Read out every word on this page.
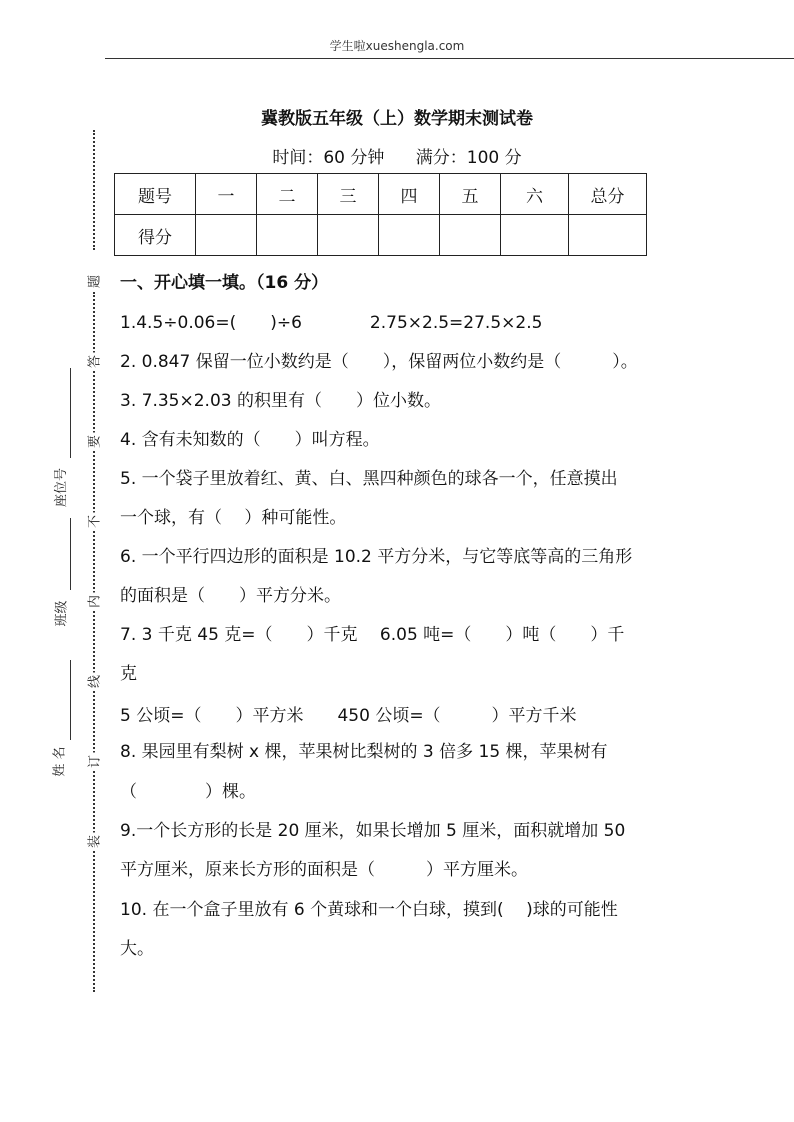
学生啦xueshengla.com
题
答
要
不
内
线
订
装
座位号
班级
姓 名
冀教版五年级（上）数学期末测试卷
时间：60 分钟 满分：100 分
题号	一	二	三	四	五	六	总分
得分							
一、开心填一填。（16 分）
1.4.5÷0.06=(　　)÷6　　　　2.75×2.5=27.5×2.5
2. 0.847 保留一位小数约是（　　），保留两位小数约是（　　　）。
3. 7.35×2.03 的积里有（　　）位小数。
4. 含有未知数的（　　）叫方程。
5. 一个袋子里放着红、黄、白、黑四种颜色的球各一个，任意摸出
一个球，有（　 ）种可能性。
6. 一个平行四边形的面积是 10.2 平方分米，与它等底等高的三角形
的面积是（　　）平方分米。
7. 3 千克 45 克=（　　）千克　 6.05 吨=（　　）吨（　　）千
克
5 公顷=（　　）平方米　　450 公顷=（　　　）平方千米
8. 果园里有梨树 x 棵，苹果树比梨树的 3 倍多 15 棵，苹果树有
（　　　　）棵。
9.一个长方形的长是 20 厘米，如果长增加 5 厘米，面积就增加 50
平方厘米，原来长方形的面积是（　　　）平方厘米。
10. 在一个盒子里放有 6 个黄球和一个白球，摸到(　 )球的可能性
大。
